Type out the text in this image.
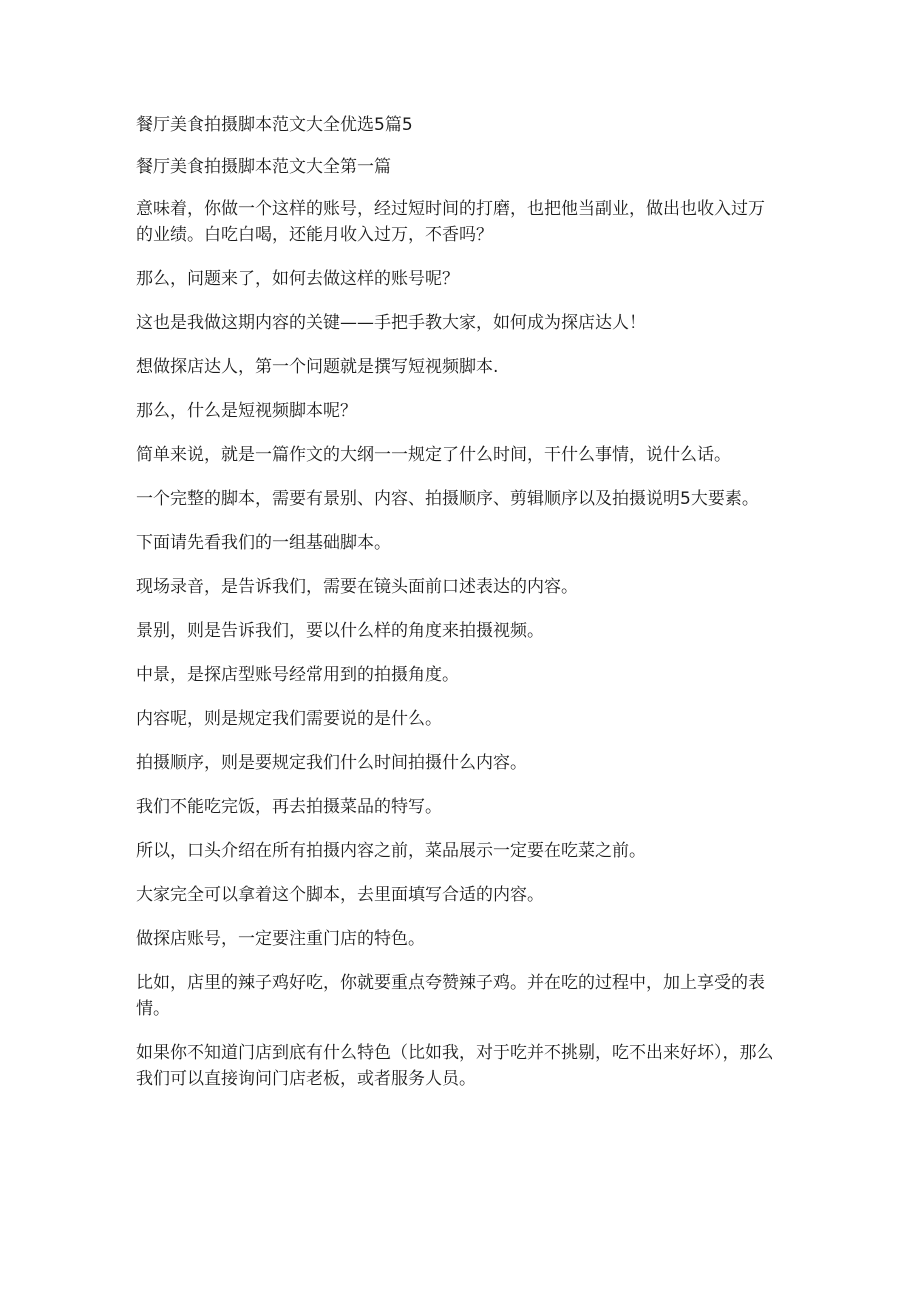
餐厅美食拍摄脚本范文大全优选5篇5

餐厅美食拍摄脚本范文大全第一篇

意味着，你做一个这样的账号，经过短时间的打磨，也把他当副业，做出也收入过万的业绩。白吃白喝，还能月收入过万，不香吗？

那么，问题来了，如何去做这样的账号呢？

这也是我做这期内容的关键——手把手教大家，如何成为探店达人！

想做探店达人，第一个问题就是撰写短视频脚本.

那么，什么是短视频脚本呢？

简单来说，就是一篇作文的大纲一一规定了什么时间，干什么事情，说什么话。

一个完整的脚本，需要有景别、内容、拍摄顺序、剪辑顺序以及拍摄说明5大要素。

下面请先看我们的一组基础脚本。

现场录音，是告诉我们，需要在镜头面前口述表达的内容。

景别，则是告诉我们，要以什么样的角度来拍摄视频。

中景，是探店型账号经常用到的拍摄角度。

内容呢，则是规定我们需要说的是什么。

拍摄顺序，则是要规定我们什么时间拍摄什么内容。

我们不能吃完饭，再去拍摄菜品的特写。

所以，口头介绍在所有拍摄内容之前，菜品展示一定要在吃菜之前。

大家完全可以拿着这个脚本，去里面填写合适的内容。

做探店账号，一定要注重门店的特色。

比如，店里的辣子鸡好吃，你就要重点夸赞辣子鸡。并在吃的过程中，加上享受的表情。

如果你不知道门店到底有什么特色（比如我，对于吃并不挑剔，吃不出来好坏），那么我们可以直接询问门店老板，或者服务人员。
